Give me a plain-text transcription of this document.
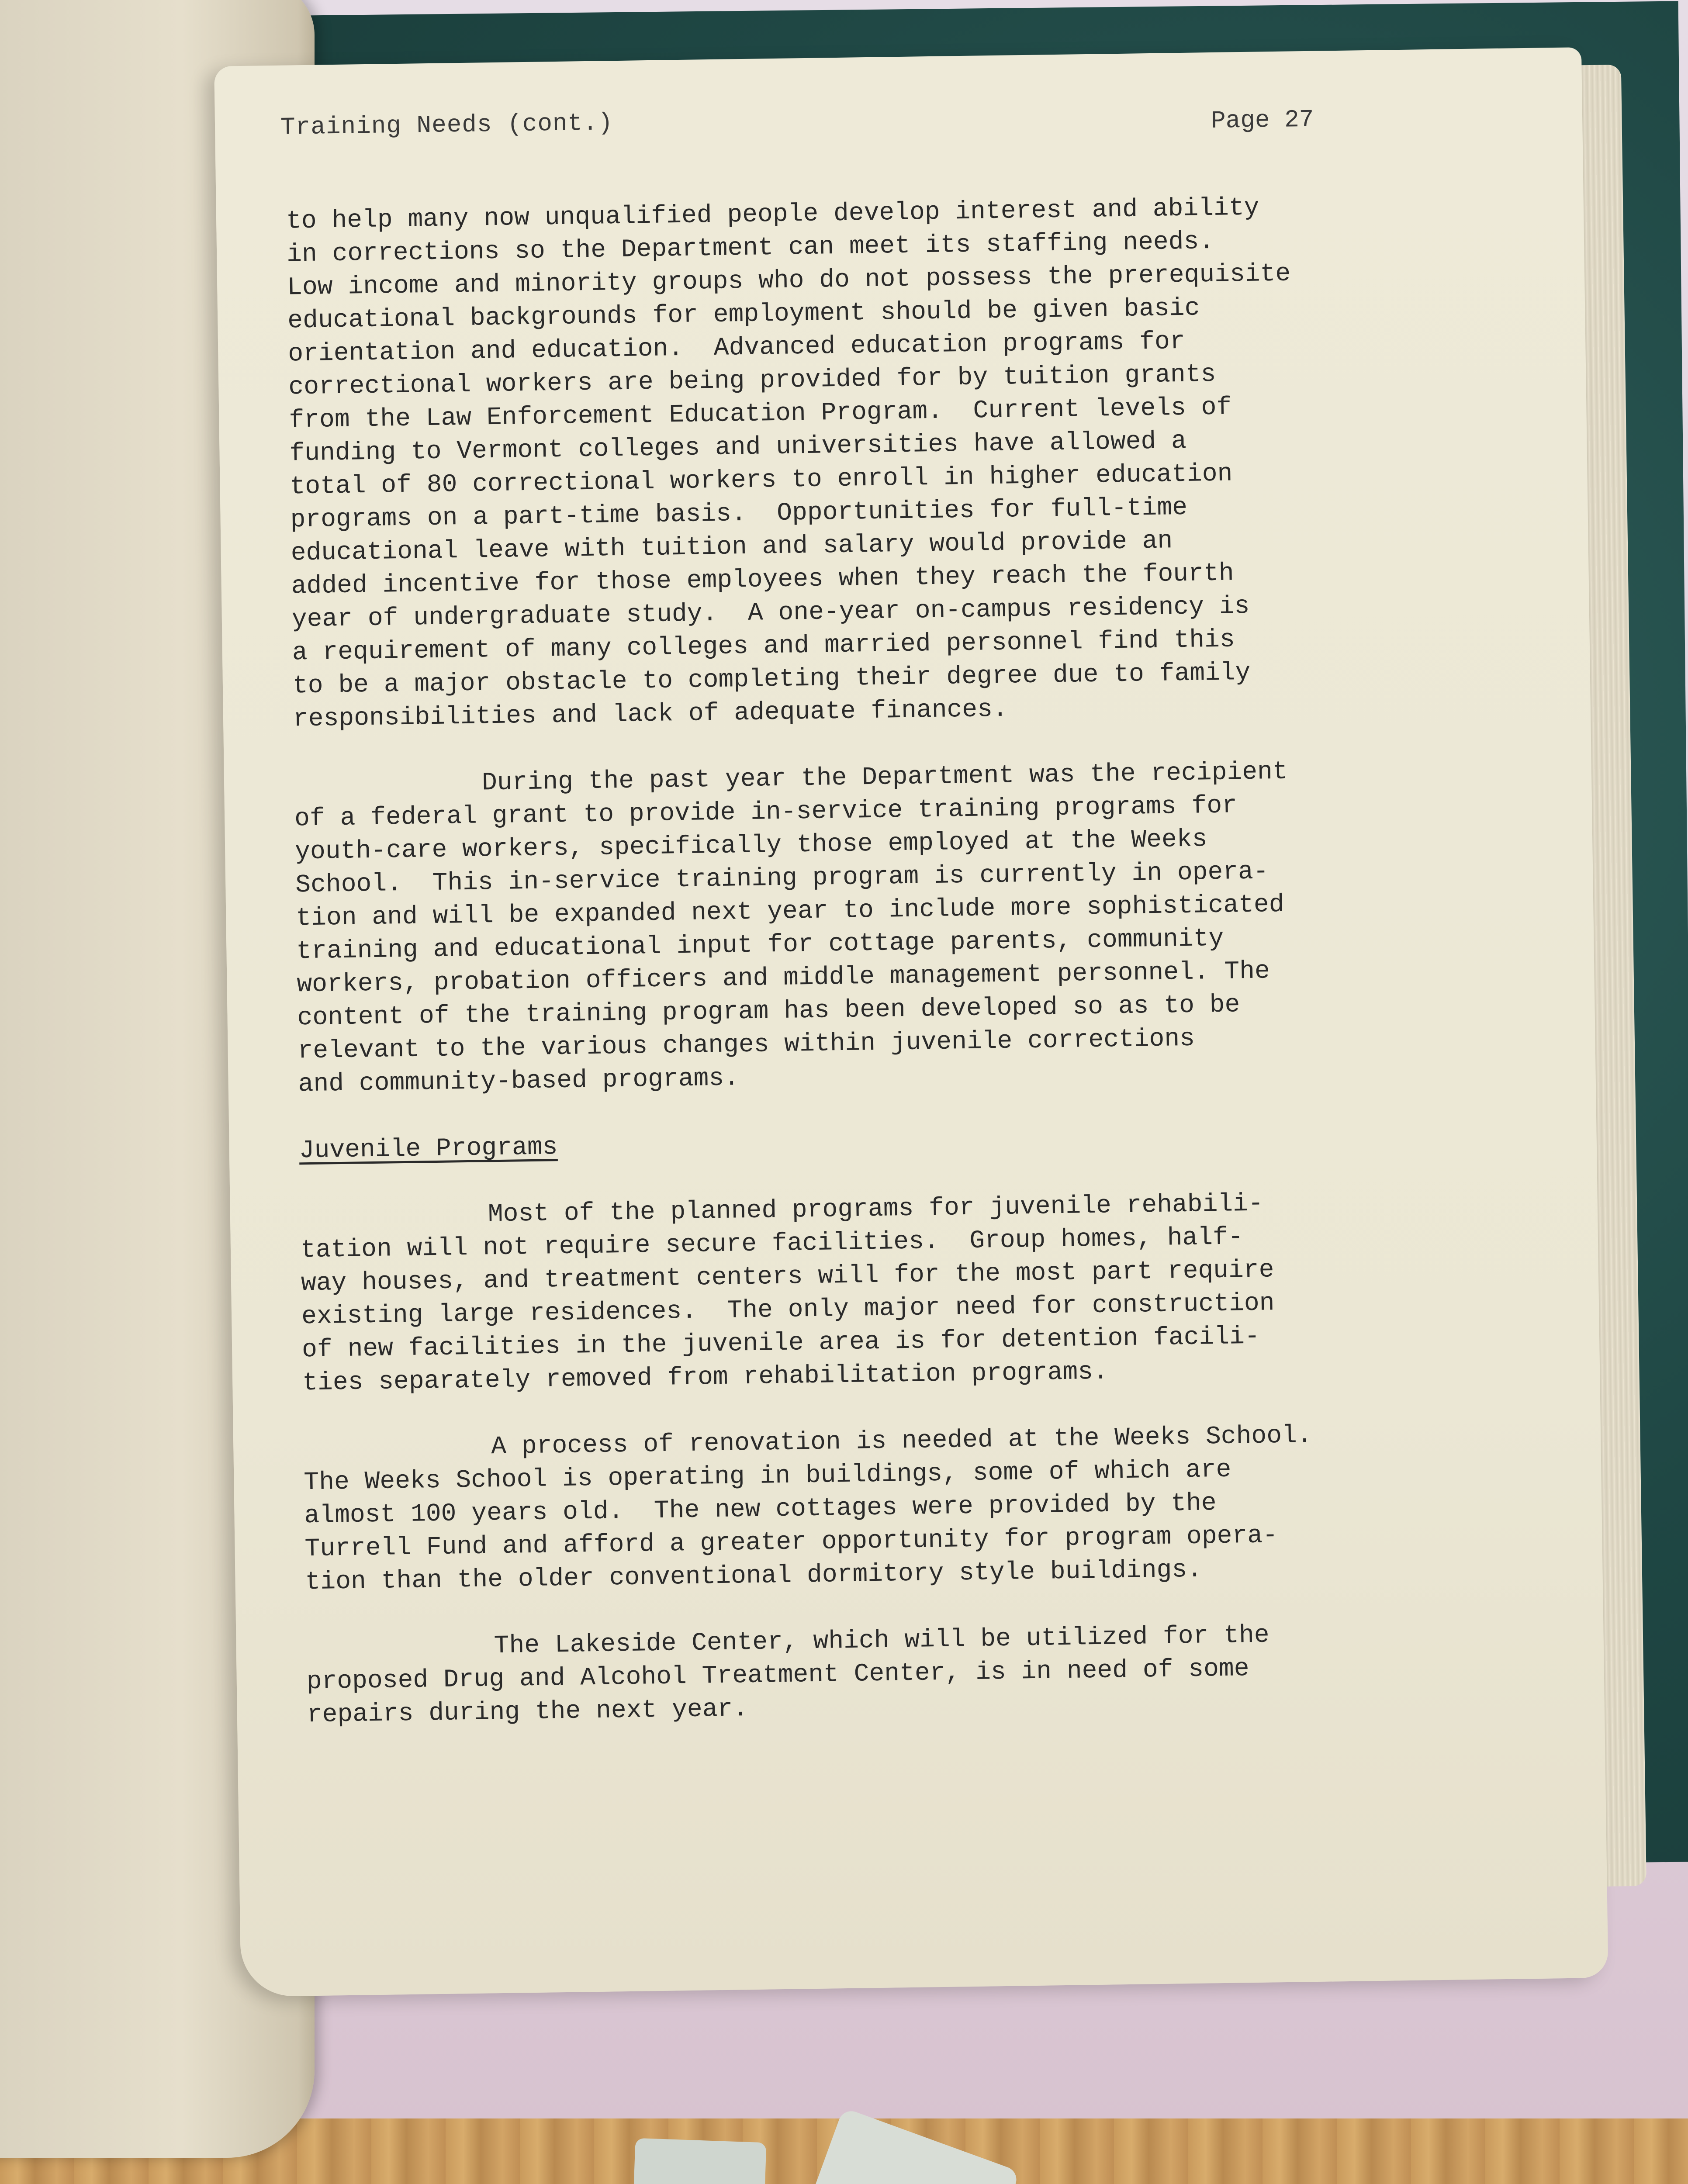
Training Needs (cont.)	Page 27
to help many now unqualified people develop interest and ability
in corrections so the Department can meet its staffing needs.
Low income and minority groups who do not possess the prerequisite
educational backgrounds for employment should be given basic
orientation and education.  Advanced education programs for
correctional workers are being provided for by tuition grants
from the Law Enforcement Education Program.  Current levels of
funding to Vermont colleges and universities have allowed a
total of 80 correctional workers to enroll in higher education
programs on a part-time basis.  Opportunities for full-time
educational leave with tuition and salary would provide an
added incentive for those employees when they reach the fourth
year of undergraduate study.  A one-year on-campus residency is
a requirement of many colleges and married personnel find this
to be a major obstacle to completing their degree due to family
responsibilities and lack of adequate finances.
During the past year the Department was the recipient
of a federal grant to provide in-service training programs for
youth-care workers, specifically those employed at the Weeks
School.  This in-service training program is currently in opera-
tion and will be expanded next year to include more sophisticated
training and educational input for cottage parents, community
workers, probation officers and middle management personnel. The
content of the training program has been developed so as to be
relevant to the various changes within juvenile corrections
and community-based programs.
Juvenile Programs
Most of the planned programs for juvenile rehabili-
tation will not require secure facilities.  Group homes, half-
way houses, and treatment centers will for the most part require
existing large residences.  The only major need for construction
of new facilities in the juvenile area is for detention facili-
ties separately removed from rehabilitation programs.
A process of renovation is needed at the Weeks School.
The Weeks School is operating in buildings, some of which are
almost 100 years old.  The new cottages were provided by the
Turrell Fund and afford a greater opportunity for program opera-
tion than the older conventional dormitory style buildings.
The Lakeside Center, which will be utilized for the
proposed Drug and Alcohol Treatment Center, is in need of some
repairs during the next year.
